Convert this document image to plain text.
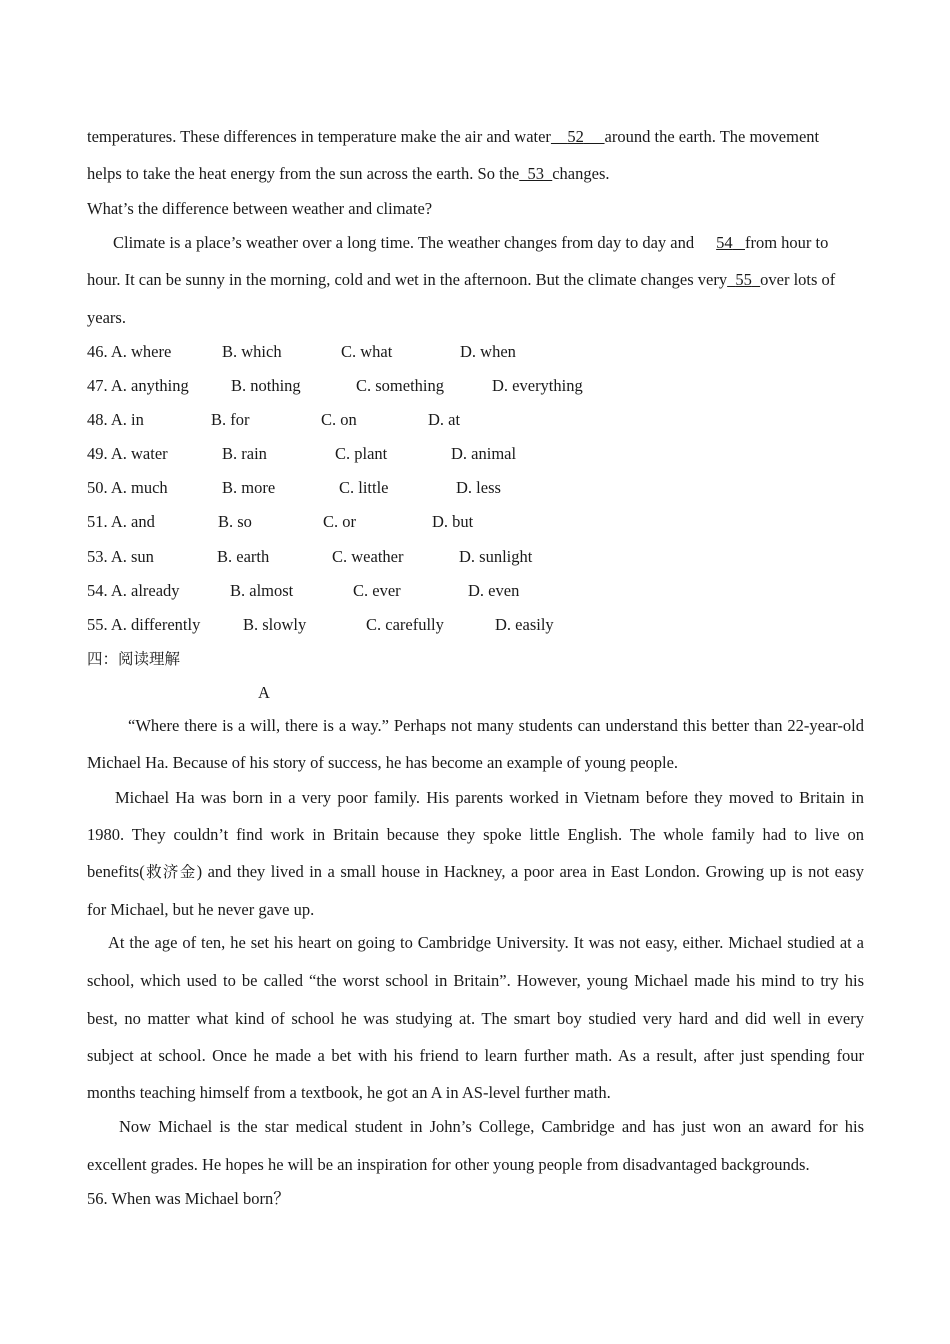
temperatures. These differences in temperature make the air and water 52 around the earth. The movement
helps to take the heat energy from the sun across the earth. So the 53 changes.
What’s the difference between weather and climate?
Climate is a place’s weather over a long time. The weather changes from day to day and 54 from hour to
hour. It can be sunny in the morning, cold and wet in the afternoon. But the climate changes very 55 over lots of
years.
46. A. where	B. which	C. what	D. when
47. A. anything	B. nothing	C. something	D. everything
48. A. in	B. for	C. on	D. at
49. A. water	B. rain	C. plant	D. animal
50. A. much	B. more	C. little	D. less
51. A. and	B. so	C. or	D. but
53. A. sun	B. earth	C. weather	D. sunlight
54. A. already	B. almost	C. ever	D. even
55. A. differently	B. slowly	C. carefully	D. easily
四：阅读理解
A
“Where there is a will, there is a way.” Perhaps not many students can understand this better than 22-year-old
Michael Ha. Because of his story of success, he has become an example of young people.
Michael Ha was born in a very poor family. His parents worked in Vietnam before they moved to Britain in
1980. They couldn’t find work in Britain because they spoke little English. The whole family had to live on
benefits(救济金) and they lived in a small house in Hackney, a poor area in East London. Growing up is not easy
for Michael, but he never gave up.
At the age of ten, he set his heart on going to Cambridge University. It was not easy, either. Michael studied at a
school, which used to be called “the worst school in Britain”. However, young Michael made his mind to try his
best, no matter what kind of school he was studying at. The smart boy studied very hard and did well in every
subject at school. Once he made a bet with his friend to learn further math. As a result, after just spending four
months teaching himself from a textbook, he got an A in AS-level further math.
Now Michael is the star medical student in John’s College, Cambridge and has just won an award for his
excellent grades. He hopes he will be an inspiration for other young people from disadvantaged backgrounds.
56. When was Michael born？
